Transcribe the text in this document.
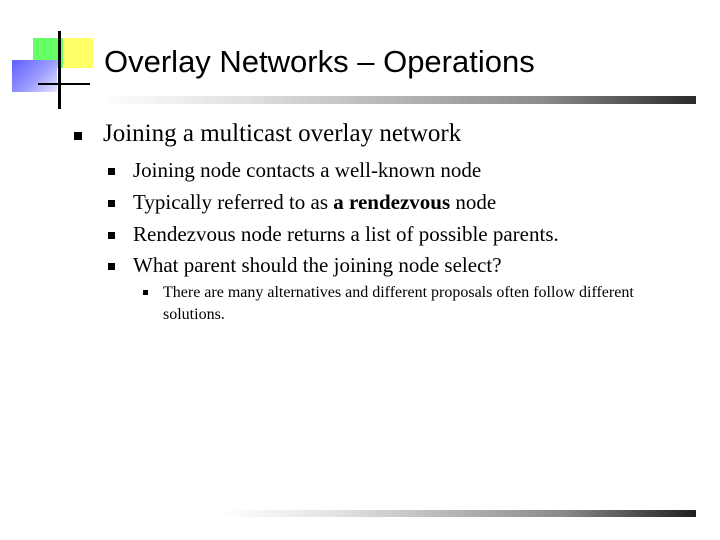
Overlay Networks – Operations
Joining a multicast overlay network
Joining node contacts a well-known node
Typically referred to as a rendezvous node
Rendezvous node returns a list of possible parents.
What parent should the joining node select?
There are many alternatives and different proposals often follow different solutions.
